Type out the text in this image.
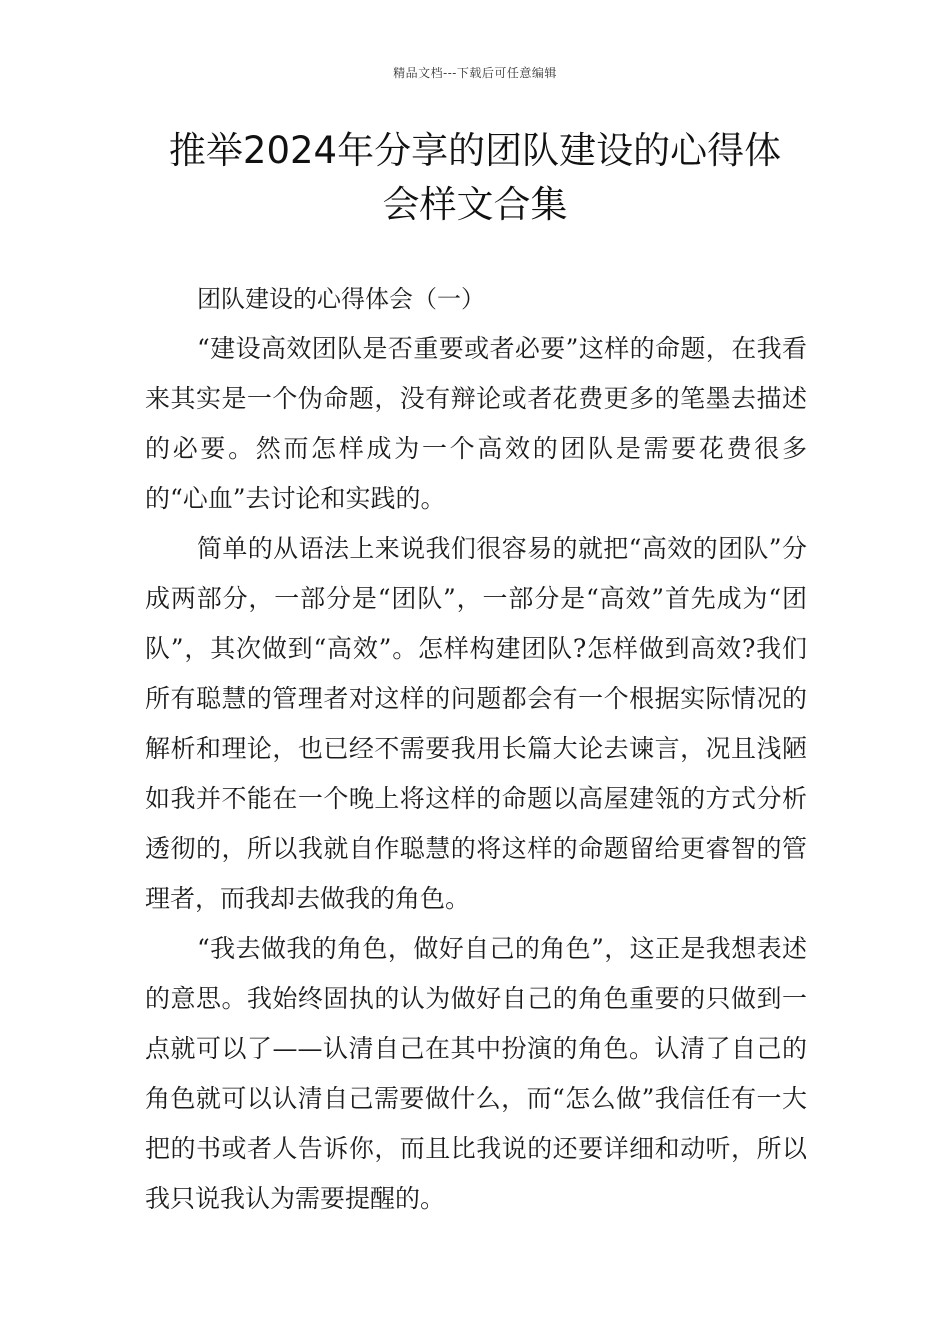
精品文档---下载后可任意编辑
推举2024年分享的团队建设的心得体
会样文合集
团队建设的心得体会（一）

“建设高效团队是否重要或者必要”这样的命题，在我看来其实是一个伪命题，没有辩论或者花费更多的笔墨去描述的必要。然而怎样成为一个高效的团队是需要花费很多的“心血”去讨论和实践的。

简单的从语法上来说我们很容易的就把“高效的团队”分成两部分，一部分是“团队”，一部分是“高效”首先成为“团队”，其次做到“高效”。怎样构建团队?怎样做到高效?我们所有聪慧的管理者对这样的问题都会有一个根据实际情况的解析和理论，也已经不需要我用长篇大论去谏言，况且浅陋如我并不能在一个晚上将这样的命题以高屋建瓴的方式分析透彻的，所以我就自作聪慧的将这样的命题留给更睿智的管理者，而我却去做我的角色。

“我去做我的角色，做好自己的角色”，这正是我想表述的意思。我始终固执的认为做好自己的角色重要的只做到一点就可以了——认清自己在其中扮演的角色。认清了自己的角色就可以认清自己需要做什么，而“怎么做”我信任有一大把的书或者人告诉你，而且比我说的还要详细和动听，所以我只说我认为需要提醒的。
